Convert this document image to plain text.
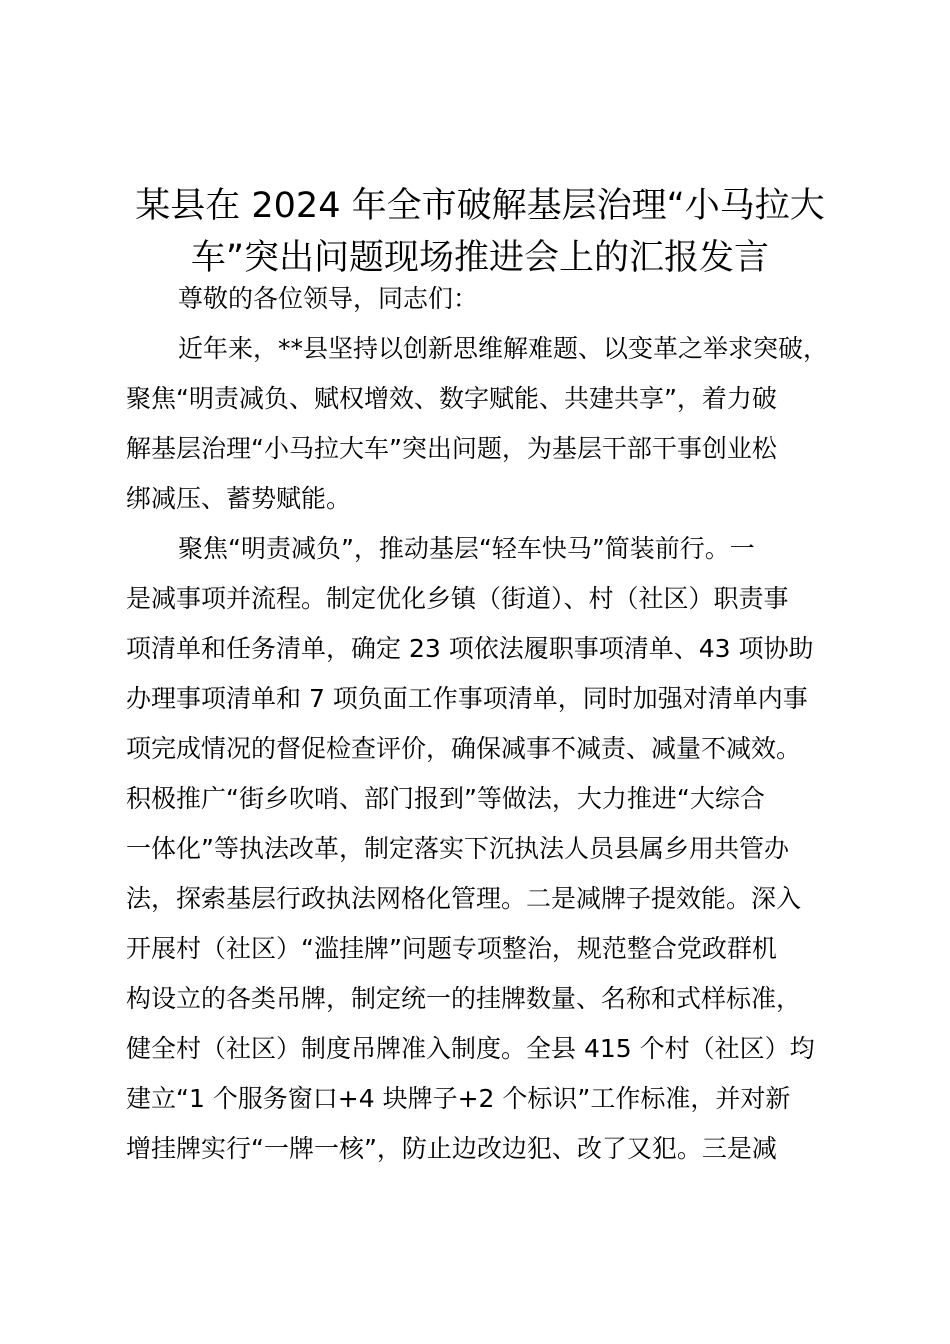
某县在 2024 年全市破解基层治理“小马拉大
车”突出问题现场推进会上的汇报发言

尊敬的各位领导，同志们：

近年来，**县坚持以创新思维解难题、以变革之举求突破，

聚焦“明责减负、赋权增效、数字赋能、共建共享”，着力破

解基层治理“小马拉大车”突出问题，为基层干部干事创业松

绑减压、蓄势赋能。

聚焦“明责减负”，推动基层“轻车快马”简装前行。一

是减事项并流程。制定优化乡镇（街道）、村（社区）职责事

项清单和任务清单，确定 23 项依法履职事项清单、43 项协助

办理事项清单和 7 项负面工作事项清单，同时加强对清单内事

项完成情况的督促检查评价，确保减事不减责、减量不减效。

积极推广“街乡吹哨、部门报到”等做法，大力推进“大综合

一体化”等执法改革，制定落实下沉执法人员县属乡用共管办

法，探索基层行政执法网格化管理。二是减牌子提效能。深入

开展村（社区）“滥挂牌”问题专项整治，规范整合党政群机

构设立的各类吊牌，制定统一的挂牌数量、名称和式样标准，

健全村（社区）制度吊牌准入制度。全县 415 个村（社区）均

建立“1 个服务窗口+4 块牌子+2 个标识”工作标准，并对新

增挂牌实行“一牌一核”，防止边改边犯、改了又犯。三是减
